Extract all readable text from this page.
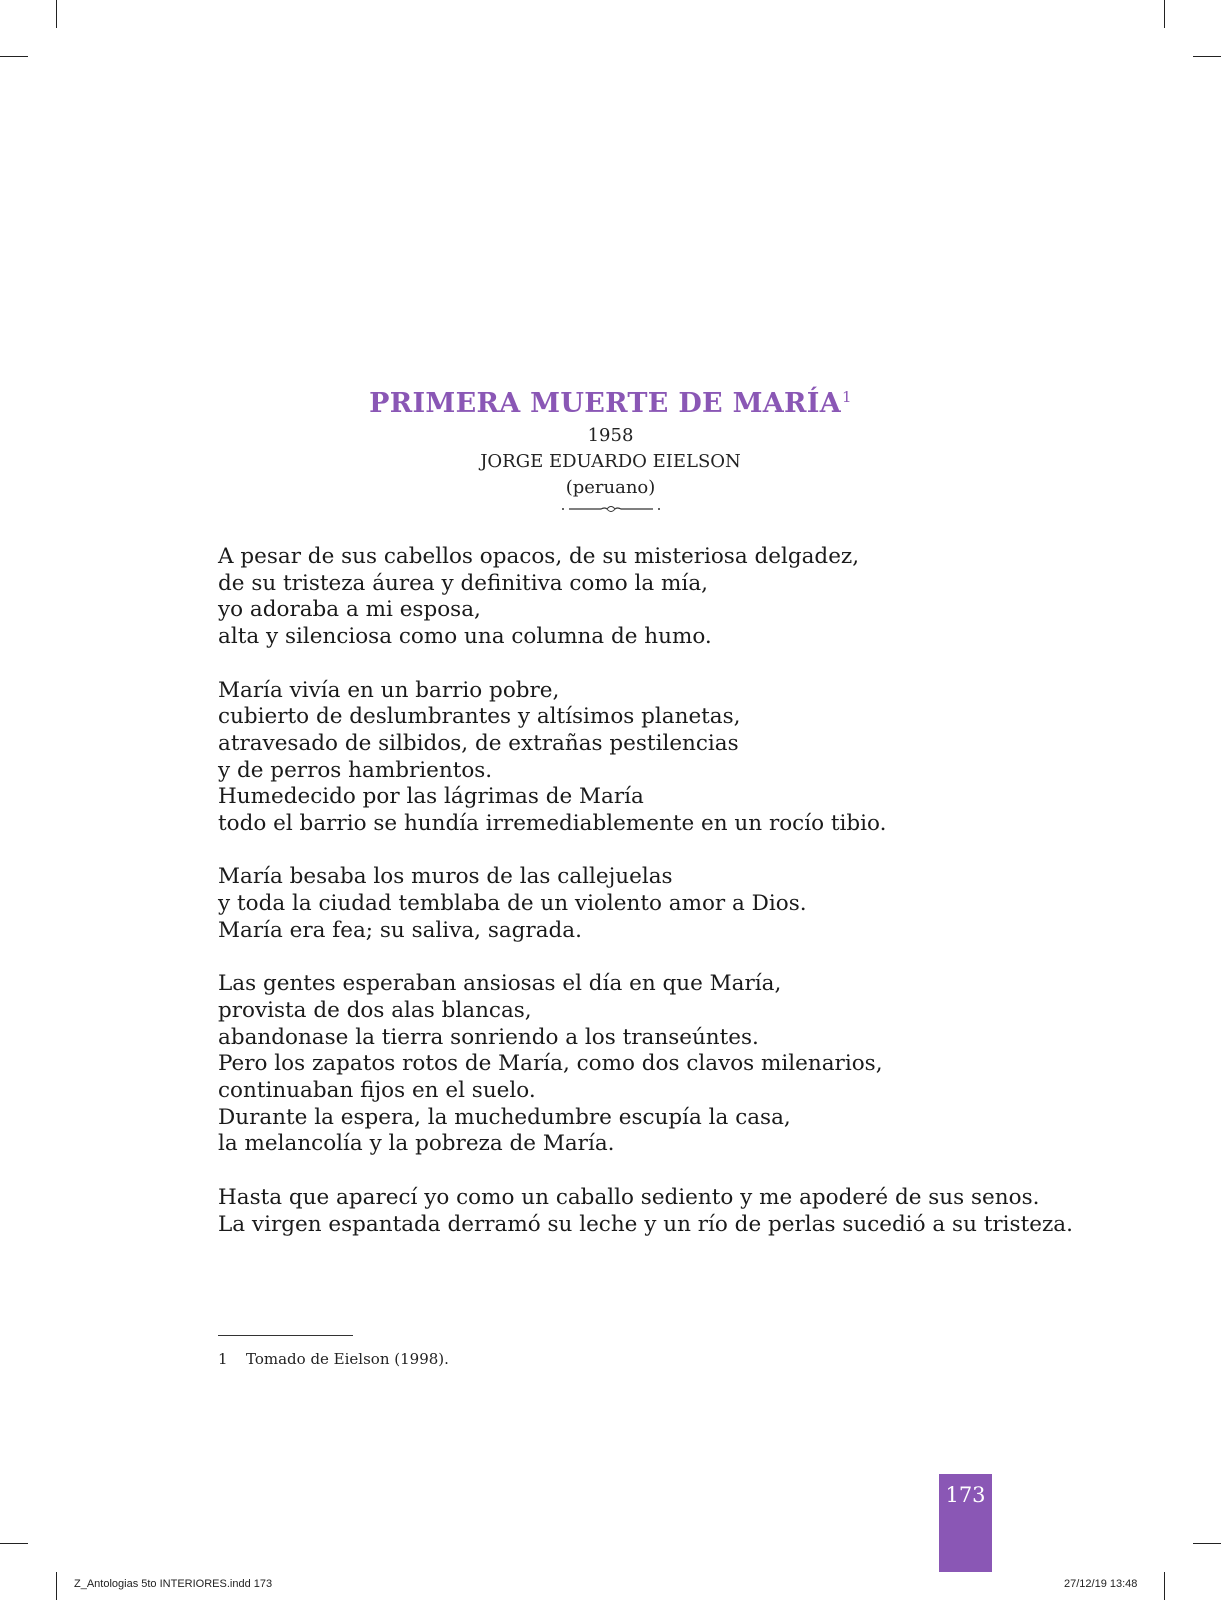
PRIMERA MUERTE DE MARÍA$^1$
1958
JORGE EDUARDO EIELSON
(peruano)
A pesar de sus cabellos opacos, de su misteriosa delgadez,
de su tristeza áurea y definitiva como la mía,
yo adoraba a mi esposa,
alta y silenciosa como una columna de humo.
María vivía en un barrio pobre,
cubierto de deslumbrantes y altísimos planetas,
atravesado de silbidos, de extrañas pestilencias
y de perros hambrientos.
Humedecido por las lágrimas de María
todo el barrio se hundía irremediablemente en un rocío tibio.
María besaba los muros de las callejuelas
y toda la ciudad temblaba de un violento amor a Dios.
María era fea; su saliva, sagrada.
Las gentes esperaban ansiosas el día en que María,
provista de dos alas blancas,
abandonase la tierra sonriendo a los transeúntes.
Pero los zapatos rotos de María, como dos clavos milenarios,
continuaban fijos en el suelo.
Durante la espera, la muchedumbre escupía la casa,
la melancolía y la pobreza de María.
Hasta que aparecí yo como un caballo sediento y me apoderé de sus senos.
La virgen espantada derramó su leche y un río de perlas sucedió a su tristeza.
1 Tomado de Eielson (1998).
173
Z_Antologias 5to INTERIORES.indd 173	27/12/19 13:48
